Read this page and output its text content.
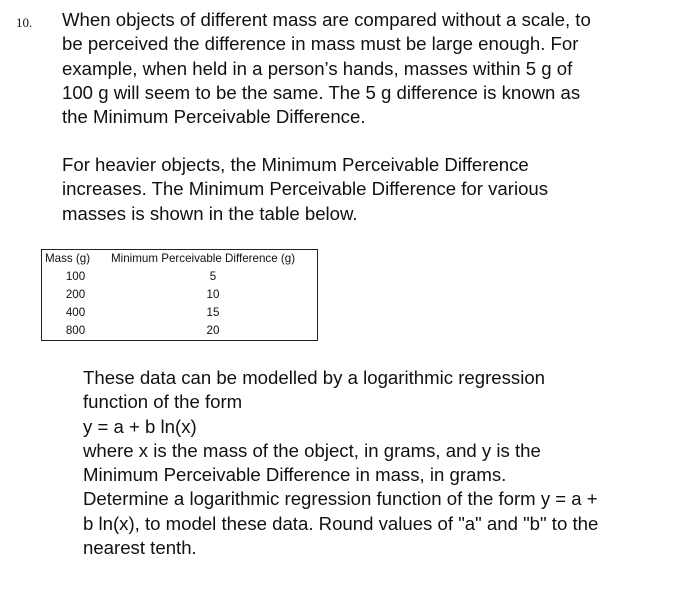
10. When objects of different mass are compared without a scale, to

be perceived the difference in mass must be large enough. For

example, when held in a person’s hands, masses within 5 g of

100 g will seem to be the same. The 5 g difference is known as

the Minimum Perceivable Difference.

For heavier objects, the Minimum Perceivable Difference

increases. The Minimum Perceivable Difference for various

masses is shown in the table below.

Mass (g)	Minimum Perceivable Difference (g)
100	5
200	10
400	15
800	20

These data can be modelled by a logarithmic regression

function of the form

y = a + b ln(x)

where x is the mass of the object, in grams, and y is the

Minimum Perceivable Difference in mass, in grams.

Determine a logarithmic regression function of the form y = a +

b ln(x), to model these data. Round values of "a" and "b" to the

nearest tenth.
